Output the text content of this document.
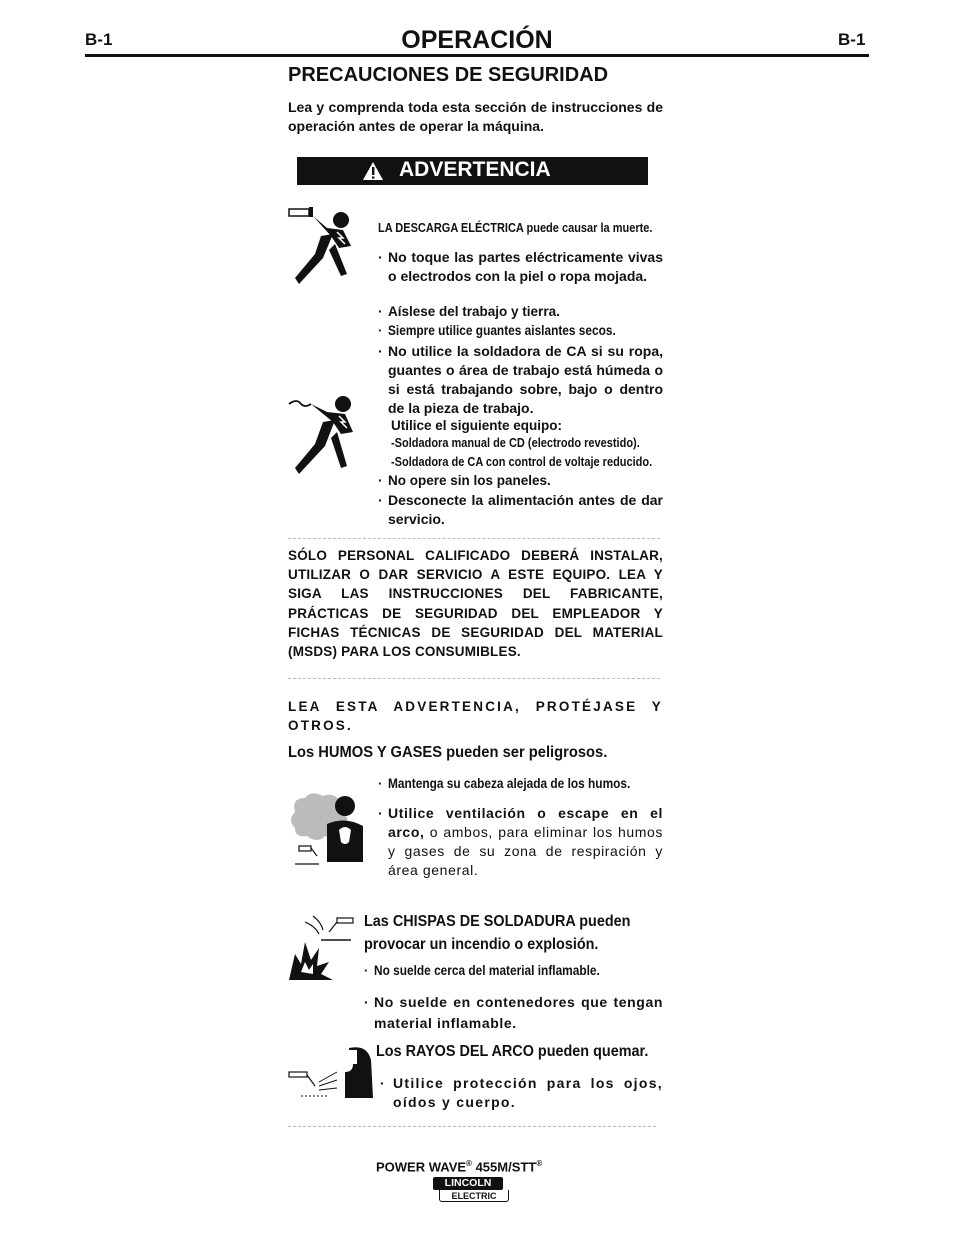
B-1	B-1
OPERACIÓN
PRECAUCIONES DE SEGURIDAD
Lea y comprenda toda esta sección de instrucciones de operación antes de operar la máquina.
ADVERTENCIA
LA DESCARGA ELÉCTRICA puede causar la muerte.
· No toque las partes eléctricamente vivas o electrodos con la piel o ropa mojada.
· Aíslese del trabajo y tierra.
· Siempre utilice guantes aislantes secos.
· No utilice la soldadora de CA si su ropa, guantes o área de trabajo está húmeda o si está trabajando sobre, bajo o dentro de la pieza de trabajo.
Utilice el siguiente equipo:
-Soldadora manual de CD (electrodo revestido).
-Soldadora de CA con control de voltaje reducido.
· No opere sin los paneles.
· Desconecte la alimentación antes de dar servicio.
SÓLO PERSONAL CALIFICADO DEBERÁ INSTALAR, UTILIZAR O DAR SERVICIO A ESTE EQUIPO. LEA Y SIGA LAS INSTRUCCIONES DEL FABRICANTE, PRÁCTICAS DE SEGURIDAD DEL EMPLEADOR Y FICHAS TÉCNICAS DE SEGURIDAD DEL MATERIAL (MSDS) PARA LOS CONSUMIBLES.
LEA ESTA ADVERTENCIA, PROTÉJASE Y OTROS.
Los HUMOS Y GASES pueden ser peligrosos.
· Mantenga su cabeza alejada de los humos.
· Utilice ventilación o escape en el arco, o ambos, para eliminar los humos y gases de su zona de respiración y área general.
Las CHISPAS DE SOLDADURA pueden provocar un incendio o explosión.
· No suelde cerca del material inflamable.
· No suelde en contenedores que tengan material inflamable.
Los RAYOS DEL ARCO pueden quemar.
· Utilice protección para los ojos, oídos y cuerpo.
POWER WAVE® 455M/STT®
LINCOLN
ELECTRIC
